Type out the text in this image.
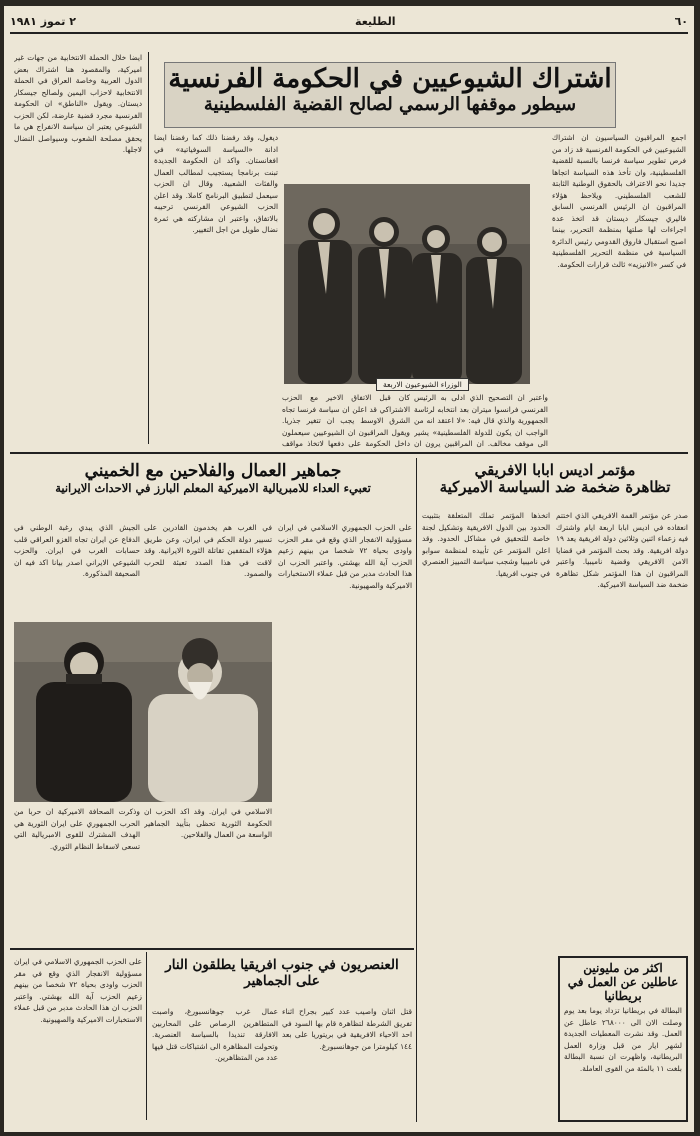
٦٠
الطليعة
٢ تموز ١٩٨١
اشتراك الشيوعيين في الحكومة الفرنسية
سيطور موقفها الرسمي لصالح القضية الفلسطينية
ايضا خلال الحملة الانتخابية من جهات غير اميركية، والمقصود هنا اشتراك بعض الدول العربية وخاصة العراق في الحملة الانتخابية لاحزاب اليمين ولصالح جيسكار ديستان. ويقول «الناطق» ان الحكومة الفرنسية مجرد قضية عارضة، لكن الحزب الشيوعي يعتبر ان سياسة الانفراج هي ما يحقق مصلحة الشعوب وسيواصل النضال لاجلها.
اجمع المراقبون السياسيون ان اشتراك الشيوعيين في الحكومة الفرنسية قد زاد من فرص تطوير سياسة فرنسا بالنسبة للقضية الفلسطينية، وان تأخذ هذه السياسة اتجاها جديدا نحو الاعتراف بالحقوق الوطنية الثابتة للشعب الفلسطيني. ويلاحظ هؤلاء المراقبون ان الرئيس الفرنسي السابق فاليري جيسكار ديستان قد اتخذ عدة اجراءات لها صلتها بمنظمة التحرير، بينما اصبح استقبال فاروق القدومي رئيس الدائرة السياسية في منظمة التحرير الفلسطينية في كسر «الانيزيه» ثالث قرارات الحكومة.
الوزراء الشيوعيون الاربعة
واعتبر ان التصحيح الذي ادلى به الرئيس الفرنسي فرانسوا ميتران بعد انتخابه لرئاسة الجمهورية والذي قال فيه: «لا اعتقد انه من الواجب ان يكون للدولة الفلسطينية» يشير الى موقف مخالف. ان المراقبين يرون ان
كان قبل الاتفاق الاخير مع الحزب الاشتراكي قد اعلن ان سياسة فرنسا تجاه الشرق الاوسط يجب ان تتغير جذريا. ويقول المراقبون ان الشيوعيين سيعملون داخل الحكومة على دفعها لاتخاذ مواقف
ديغول، وقد رفضنا ذلك كما رفضنا ايضا ادانة «السياسة السوفياتية» في افغانستان. واكد ان الحكومة الجديدة تبنت برنامجا يستجيب لمطالب العمال والفئات الشعبية. وقال ان الحزب سيعمل لتطبيق البرنامج كاملا. وقد اعلن الحزب الشيوعي الفرنسي ترحيبه بالاتفاق، واعتبر ان مشاركته هي ثمرة نضال طويل من اجل التغيير.
مؤتمر اديس ابابا الافريقي
تظاهرة ضخمة ضد السياسة الاميركية
صدر عن مؤتمر القمة الافريقي الذي اختتم انعقاده في اديس ابابا اربعة ايام واشترك فيه زعماء اثنين وثلاثين دولة افريقية يعد ١٩ دولة افريقية. وقد بحث المؤتمر في قضايا الامن الافريقي وقضية ناميبيا. واعتبر المراقبون ان هذا المؤتمر شكل تظاهرة ضخمة ضد السياسة الاميركية.
اتخذها المؤتمر تملك المتعلقة بتثبيت الحدود بين الدول الافريقية وتشكيل لجنة خاصة للتحقيق في مشاكل الحدود. وقد اعلن المؤتمر عن تأييده لمنظمة سوابو في ناميبيا وشجب سياسة التمييز العنصري في جنوب افريقيا.
جماهير العمال والفلاحين مع الخميني
تعبيء العداء للامبريالية الاميركية المعلم البارز في الاحداث الايرانية
في الغرب هم يخدمون القادرين على تسيير دولة الحكم في ايران، وعن طريق هؤلاء المتقفين تقاتلة الثورة الايرانية. وقد لاقت في هذا الصدد تعبئة للحرب والصمود.
الجيش الذي يبدي رغبة الوطني في الدفاع عن ايران تجاه الغزو العراقي قلب حسابات الغرب في ايران. والحزب الشيوعي الايراني اصدر بيانا اكد فيه ان الصحيفة المذكورة.
على الحزب الجمهوري الاسلامي في ايران مسؤولية الانفجار الذي وقع في مقر الحزب واودى بحياة ٧٢ شخصا من بينهم زعيم الحزب آية الله بهشتي. واعتبر الحزب ان هذا الحادث مدبر من قبل عملاء الاستخبارات الاميركية والصهيونية.
الاسلامي في ايران. وقد اكد الحزب ان الحكومة الثورية تحظى بتأييد الجماهير الواسعة من العمال والفلاحين.
وذكرت الصحافة الاميركية ان حربا من الحرب الجمهوري على ايران الثورية هي الهدف المشترك للقوى الامبريالية التي تسعى لاسقاط النظام الثوري.
العنصريون في جنوب افريقيا يطلقون النار على الجماهير
عمال غرب جوهانسبورغ، واصبت المتطاهرين الرصاص على المحاربين الافارقة تنديدا بالسياسة العنصرية. وتحولت المظاهرة الى اشتباكات قتل فيها عدد من المتظاهرين.
قتل اثنان واصيب عدد كبير بجراح اثناء تفريق الشرطة لتظاهرة قام بها السود في احد الاحياء الافريقية في بريتوريا على بعد ١٤٤ كيلومترا من جوهانسبورغ.
على الحزب الجمهوري الاسلامي في ايران مسؤولية الانفجار الذي وقع في مقر الحزب واودى بحياة ٧٢ شخصا من بينهم زعيم الحزب آية الله بهشتي. واعتبر الحزب ان هذا الحادث مدبر من قبل عملاء الاستخبارات الاميركية والصهيونية.
اكثر من مليونين عاطلين عن العمل في بريطانيا
البطالة في بريطانيا تزداد يوما بعد يوم وصلت الان الى ٢٦٨٠٠٠ عاطل عن العمل. وقد نشرت المعطيات الجديدة لشهر ايار من قبل وزارة العمل البريطانية، واظهرت ان نسبة البطالة بلغت ١١ بالمئة من القوى العاملة.
